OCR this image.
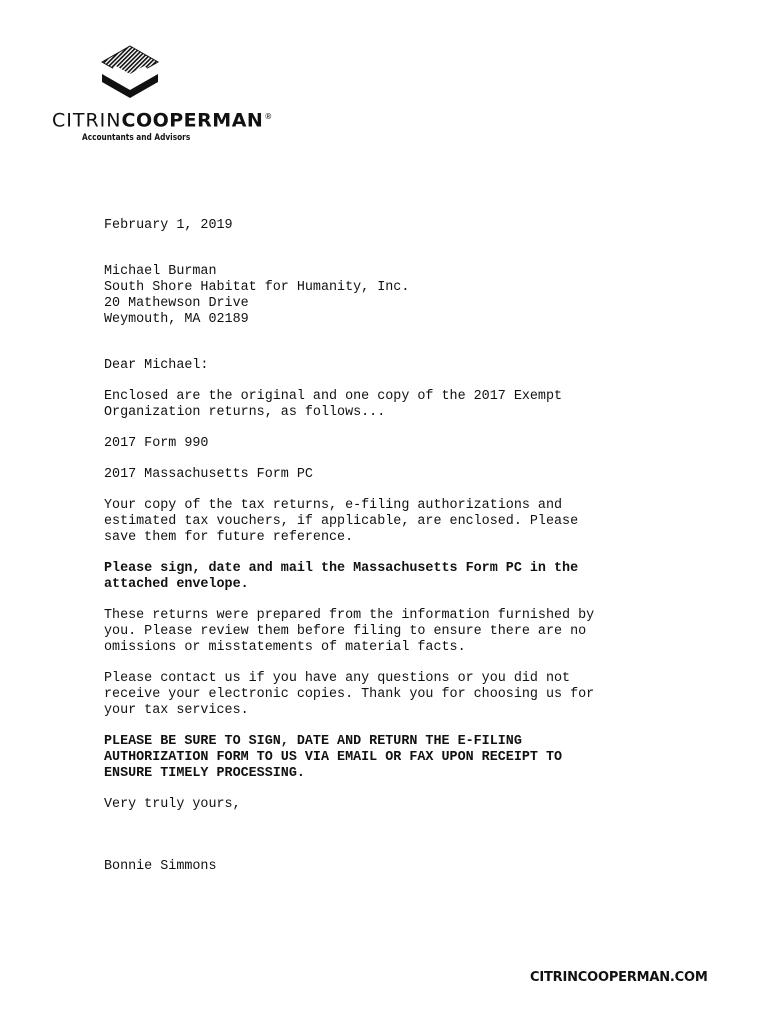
CITRINCOOPERMAN®
Accountants and Advisors

February 1, 2019

Michael Burman

South Shore Habitat for Humanity, Inc.

20 Mathewson Drive

Weymouth, MA 02189

Dear Michael:

Enclosed are the original and one copy of the 2017 Exempt
Organization returns, as follows...

2017 Form 990

2017 Massachusetts Form PC

Your copy of the tax returns, e-filing authorizations and
estimated tax vouchers, if applicable, are enclosed. Please
save them for future reference.

Please sign, date and mail the Massachusetts Form PC in the
attached envelope.

These returns were prepared from the information furnished by
you. Please review them before filing to ensure there are no
omissions or misstatements of material facts.

Please contact us if you have any questions or you did not
receive your electronic copies. Thank you for choosing us for
your tax services.

PLEASE BE SURE TO SIGN, DATE AND RETURN THE E-FILING
AUTHORIZATION FORM TO US VIA EMAIL OR FAX UPON RECEIPT TO
ENSURE TIMELY PROCESSING.

Very truly yours,

Bonnie Simmons

CITRINCOOPERMAN.COM
